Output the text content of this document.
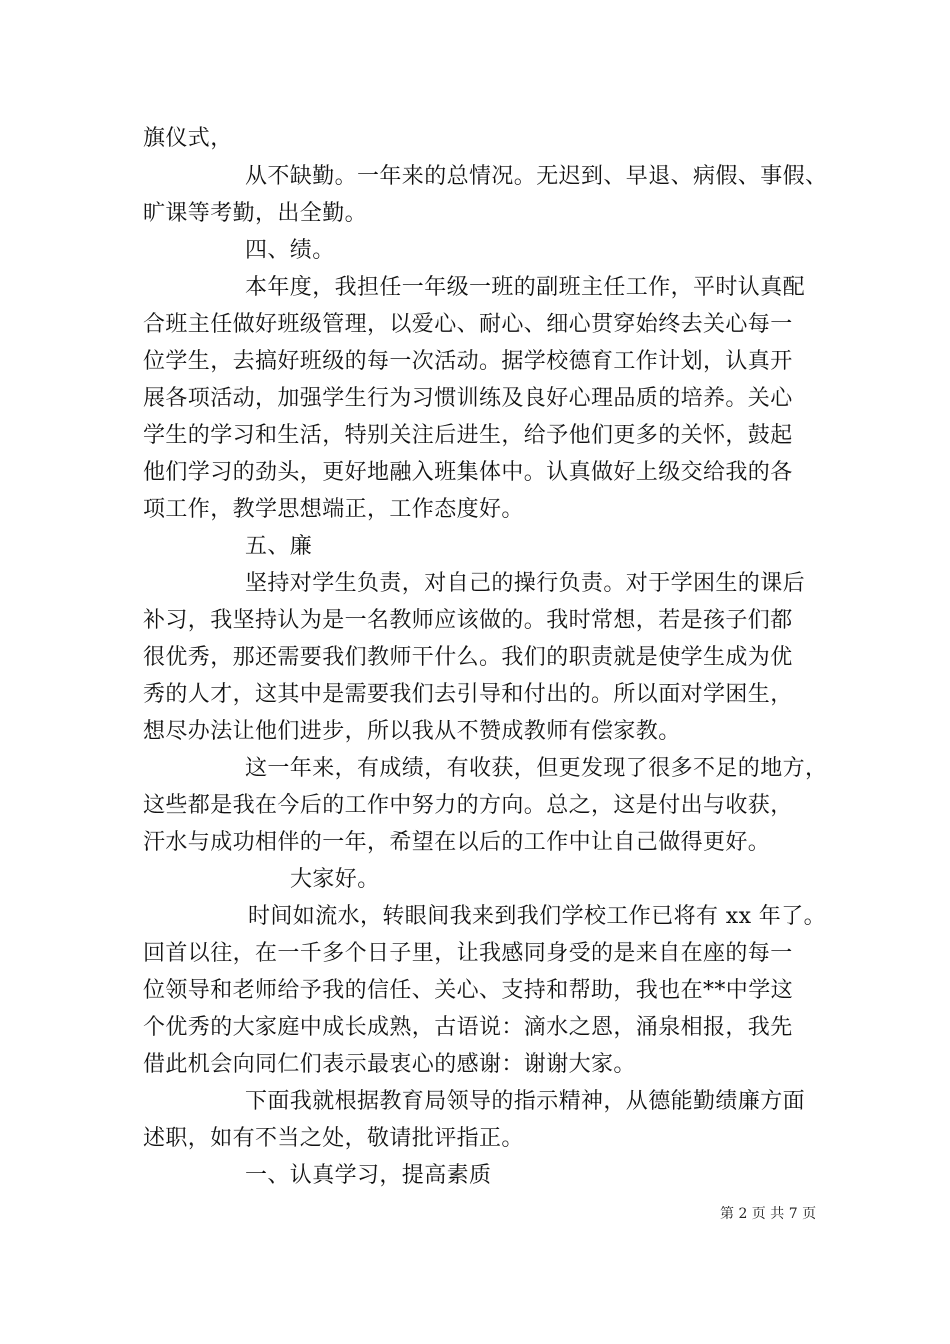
旗仪式，
从不缺勤。一年来的总情况。无迟到、早退、病假、事假、
旷课等考勤，出全勤。
四、绩。
本年度，我担任一年级一班的副班主任工作，平时认真配
合班主任做好班级管理，以爱心、耐心、细心贯穿始终去关心每一
位学生，去搞好班级的每一次活动。据学校德育工作计划，认真开
展各项活动，加强学生行为习惯训练及良好心理品质的培养。关心
学生的学习和生活，特别关注后进生，给予他们更多的关怀，鼓起
他们学习的劲头，更好地融入班集体中。认真做好上级交给我的各
项工作，教学思想端正，工作态度好。
五、廉
坚持对学生负责，对自己的操行负责。对于学困生的课后
补习，我坚持认为是一名教师应该做的。我时常想，若是孩子们都
很优秀，那还需要我们教师干什么。我们的职责就是使学生成为优
秀的人才，这其中是需要我们去引导和付出的。所以面对学困生，
想尽办法让他们进步，所以我从不赞成教师有偿家教。
这一年来，有成绩，有收获，但更发现了很多不足的地方，
这些都是我在今后的工作中努力的方向。总之，这是付出与收获，
汗水与成功相伴的一年，希望在以后的工作中让自己做得更好。
大家好。
时间如流水，转眼间我来到我们学校工作已将有 xx 年了。
回首以往，在一千多个日子里，让我感同身受的是来自在座的每一
位领导和老师给予我的信任、关心、支持和帮助，我也在**中学这
个优秀的大家庭中成长成熟，古语说：滴水之恩，涌泉相报，我先
借此机会向同仁们表示最衷心的感谢：谢谢大家。
下面我就根据教育局领导的指示精神，从德能勤绩廉方面
述职，如有不当之处，敬请批评指正。
一、认真学习，提高素质
第 2 页 共 7 页
